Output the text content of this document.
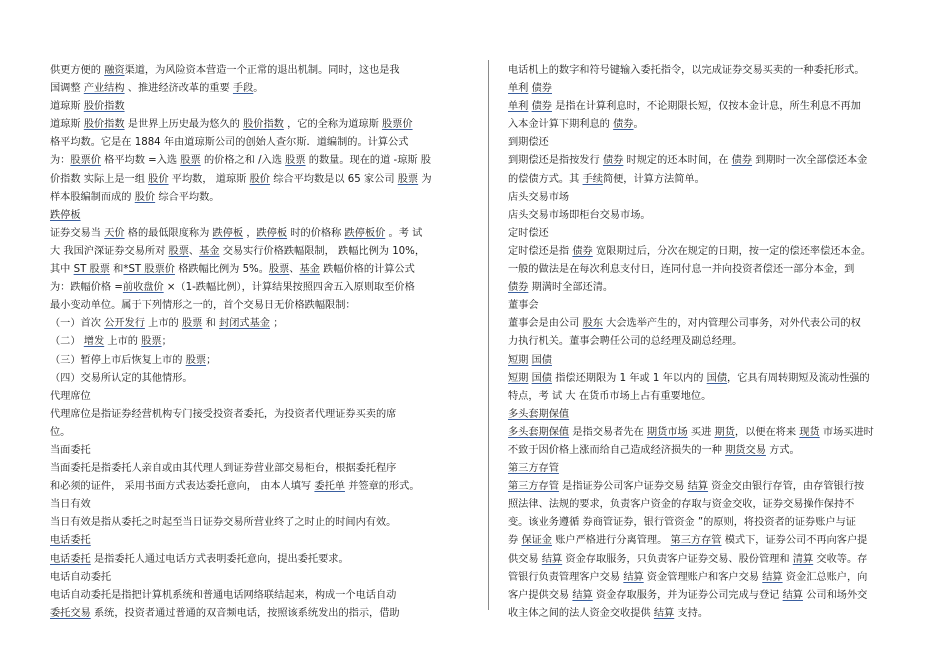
供更方便的 融资渠道，为风险资本营造一个正常的退出机制。同时，这也是我
国调整 产业结构 、推进经济改革的重要 手段。
道琼斯 股价指数
道琼斯 股价指数 是世界上历史最为悠久的 股价指数 ，它的全称为道琼斯 股票价
格平均数。它是在 1884 年由道琼斯公司的创始人查尔斯．道编制的。计算公式
为：股票价 格平均数 =入选 股票 的价格之和 /入选 股票 的数量。现在的道 -琼斯 股
价指数 实际上是一组 股价 平均数， 道琼斯 股价 综合平均数是以 65 家公司 股票 为
样本股编制而成的 股价 综合平均数。
跌停板
证券交易当 天价 格的最低限度称为 跌停板 ，跌停板 时的价格称 跌停板价 。考 试
大 我国沪深证券交易所对 股票、基金 交易实行价格跌幅限制， 跌幅比例为 10%，
其中 ST 股票 和*ST 股票价 格跌幅比例为 5%。股票、基金 跌幅价格的计算公式
为：跌幅价格 =前收盘价 ×（1-跌幅比例），计算结果按照四舍五入原则取至价格
最小变动单位。属于下列情形之一的，首个交易日无价格跌幅限制：
（一）首次 公开发行 上市的 股票 和 封闭式基金 ；
（二） 增发 上市的 股票；
（三）暂停上市后恢复上市的 股票；
（四）交易所认定的其他情形。
代理席位
代理席位是指证券经营机构专门接受投资者委托，为投资者代理证券买卖的席
位。
当面委托
当面委托是指委托人亲自或由其代理人到证券营业部交易柜台，根据委托程序
和必须的证件， 采用书面方式表达委托意向， 由本人填写 委托单 并签章的形式。
当日有效
当日有效是指从委托之时起至当日证券交易所营业终了之时止的时间内有效。
电话委托
电话委托 是指委托人通过电话方式表明委托意向，提出委托要求。
电话自动委托
电话自动委托是指把计算机系统和普通电话网络联结起来，构成一个电话自动
委托交易 系统，投资者通过普通的双音频电话，按照该系统发出的指示，借助
电话机上的数字和符号键输入委托指令，以完成证券交易买卖的一种委托形式。
单利 债券
单利 债券 是指在计算利息时，不论期限长短，仅按本金计息，所生利息不再加
入本金计算下期利息的 债券。
到期偿还
到期偿还是指按发行 债券 时规定的还本时间，在 债券 到期时一次全部偿还本金
的偿债方式。其 手续简便，计算方法简单。
店头交易市场
店头交易市场即柜台交易市场。
定时偿还
定时偿还是指 债券 宽限期过后，分次在规定的日期，按一定的偿还率偿还本金。
一般的做法是在每次利息支付日，连同付息一并向投资者偿还一部分本金，到
债券 期满时全部还清。
董事会
董事会是由公司 股东 大会选举产生的，对内管理公司事务，对外代表公司的权
力执行机关。董事会聘任公司的总经理及副总经理。
短期 国债
短期 国债 指偿还期限为 1 年或 1 年以内的 国债，它具有周转期短及流动性强的
特点，考 试 大 在货币市场上占有重要地位。
多头套期保值
多头套期保值 是指交易者先在 期货市场 买进 期货，以便在将来 现货 市场买进时
不致于因价格上涨而给自己造成经济损失的一种 期货交易 方式。
第三方存管
第三方存管 是指证券公司客户证券交易 结算 资金交由银行存管，由存管银行按
照法律、法规的要求，负责客户资金的存取与资金交收，证券交易操作保持不
变。该业务遵循 券商管证券，银行管资金 ”的原则，将投资者的证券账户与证
券 保证金 账户严格进行分离管理。 第三方存管 模式下，证券公司不再向客户提
供交易 结算 资金存取服务，只负责客户证券交易、股份管理和 清算 交收等。存
管银行负责管理客户交易 结算 资金管理账户和客户交易 结算 资金汇总账户，向
客户提供交易 结算 资金存取服务，并为证券公司完成与登记 结算 公司和场外交
收主体之间的法人资金交收提供 结算 支持。
